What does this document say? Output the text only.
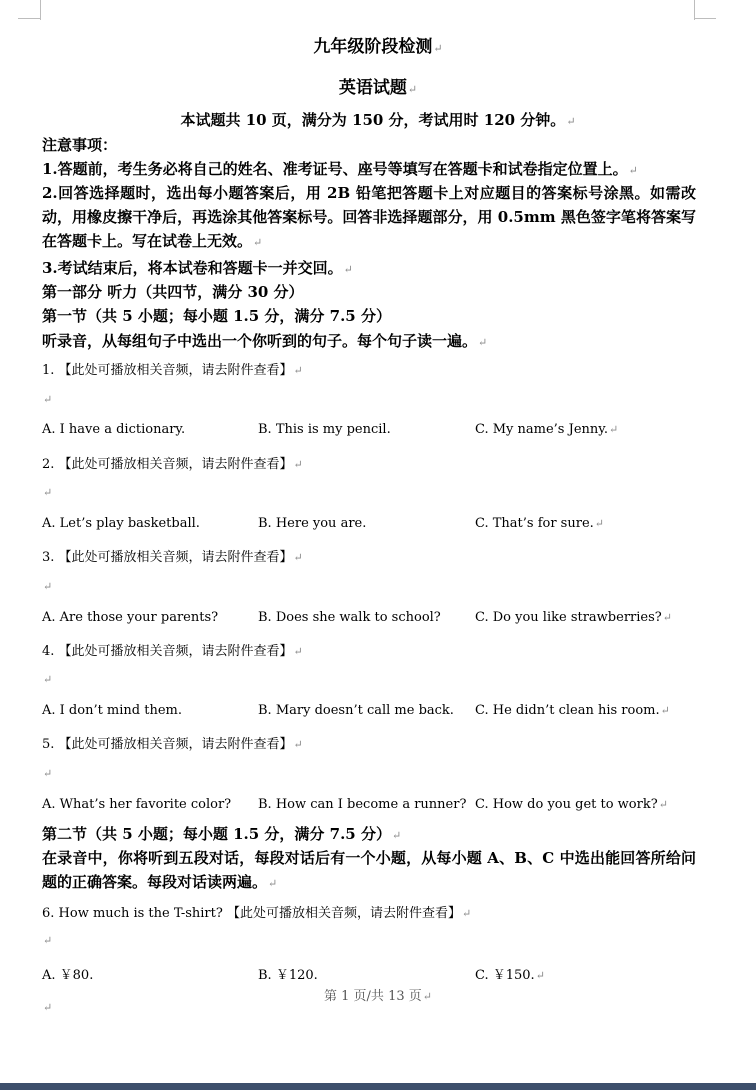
九年级阶段检测↵
英语试题↵
本试题共 10 页，满分为 150 分，考试用时 120 分钟。↵
注意事项：
1.答题前，考生务必将自己的姓名、准考证号、座号等填写在答题卡和试卷指定位置上。↵
2.回答选择题时，选出每小题答案后，用 2B 铅笔把答题卡上对应题目的答案标号涂黑。如需改动，用橡皮擦干净后，再选涂其他答案标号。回答非选择题部分，用 0.5mm 黑色签字笔将答案写在答题卡上。写在试卷上无效。↵
3.考试结束后，将本试卷和答题卡一并交回。↵
第一部分 听力（共四节，满分 30 分）
第一节（共 5 小题；每小题 1.5 分，满分 7.5 分）
听录音，从每组句子中选出一个你听到的句子。每个句子读一遍。↵
1. 【此处可播放相关音频，请去附件查看】↵
↵
A. I have a dictionary.	B. This is my pencil.	C. My name’s Jenny.↵
2. 【此处可播放相关音频，请去附件查看】↵
↵
A. Let’s play basketball.	B. Here you are.	C. That’s for sure.↵
3. 【此处可播放相关音频，请去附件查看】↵
↵
A. Are those your parents?	B. Does she walk to school?	C. Do you like strawberries?↵
4. 【此处可播放相关音频，请去附件查看】↵
↵
A. I don’t mind them.	B. Mary doesn’t call me back. C. He didn’t clean his room.↵
5. 【此处可播放相关音频，请去附件查看】↵
↵
A. What’s her favorite color? B. How can I become a runner? C. How do you get to work?↵
第二节（共 5 小题；每小题 1.5 分，满分 7.5 分）↵
在录音中，你将听到五段对话，每段对话后有一个小题，从每小题 A、B、C 中选出能回答所给问题的正确答案。每段对话读两遍。↵
6. How much is the T-shirt? 【此处可播放相关音频，请去附件查看】↵
↵
A. ￥80.	B. ￥120.	C. ￥150.↵
第 1 页/共 13 页↵
↵
